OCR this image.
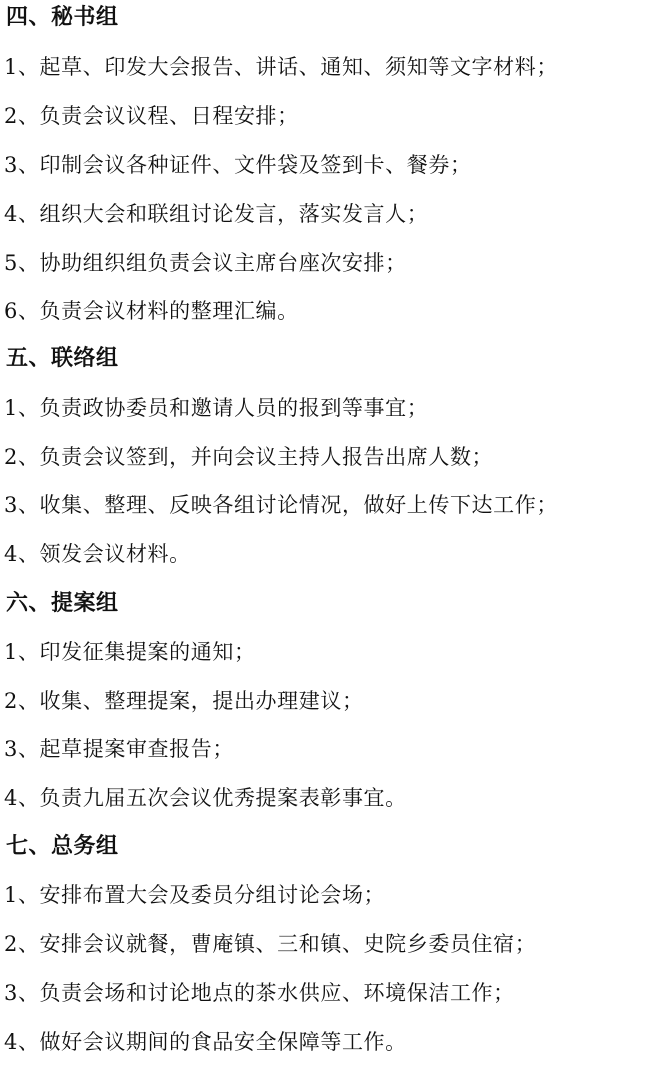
四、秘书组
1、起草、印发大会报告、讲话、通知、须知等文字材料；
2、负责会议议程、日程安排；
3、印制会议各种证件、文件袋及签到卡、餐券；
4、组织大会和联组讨论发言，落实发言人；
5、协助组织组负责会议主席台座次安排；
6、负责会议材料的整理汇编。
五、联络组
1、负责政协委员和邀请人员的报到等事宜；
2、负责会议签到，并向会议主持人报告出席人数；
3、收集、整理、反映各组讨论情况，做好上传下达工作；
4、领发会议材料。
六、提案组
1、印发征集提案的通知；
2、收集、整理提案，提出办理建议；
3、起草提案审查报告；
4、负责九届五次会议优秀提案表彰事宜。
七、总务组
1、安排布置大会及委员分组讨论会场；
2、安排会议就餐，曹庵镇、三和镇、史院乡委员住宿；
3、负责会场和讨论地点的茶水供应、环境保洁工作；
4、做好会议期间的食品安全保障等工作。
